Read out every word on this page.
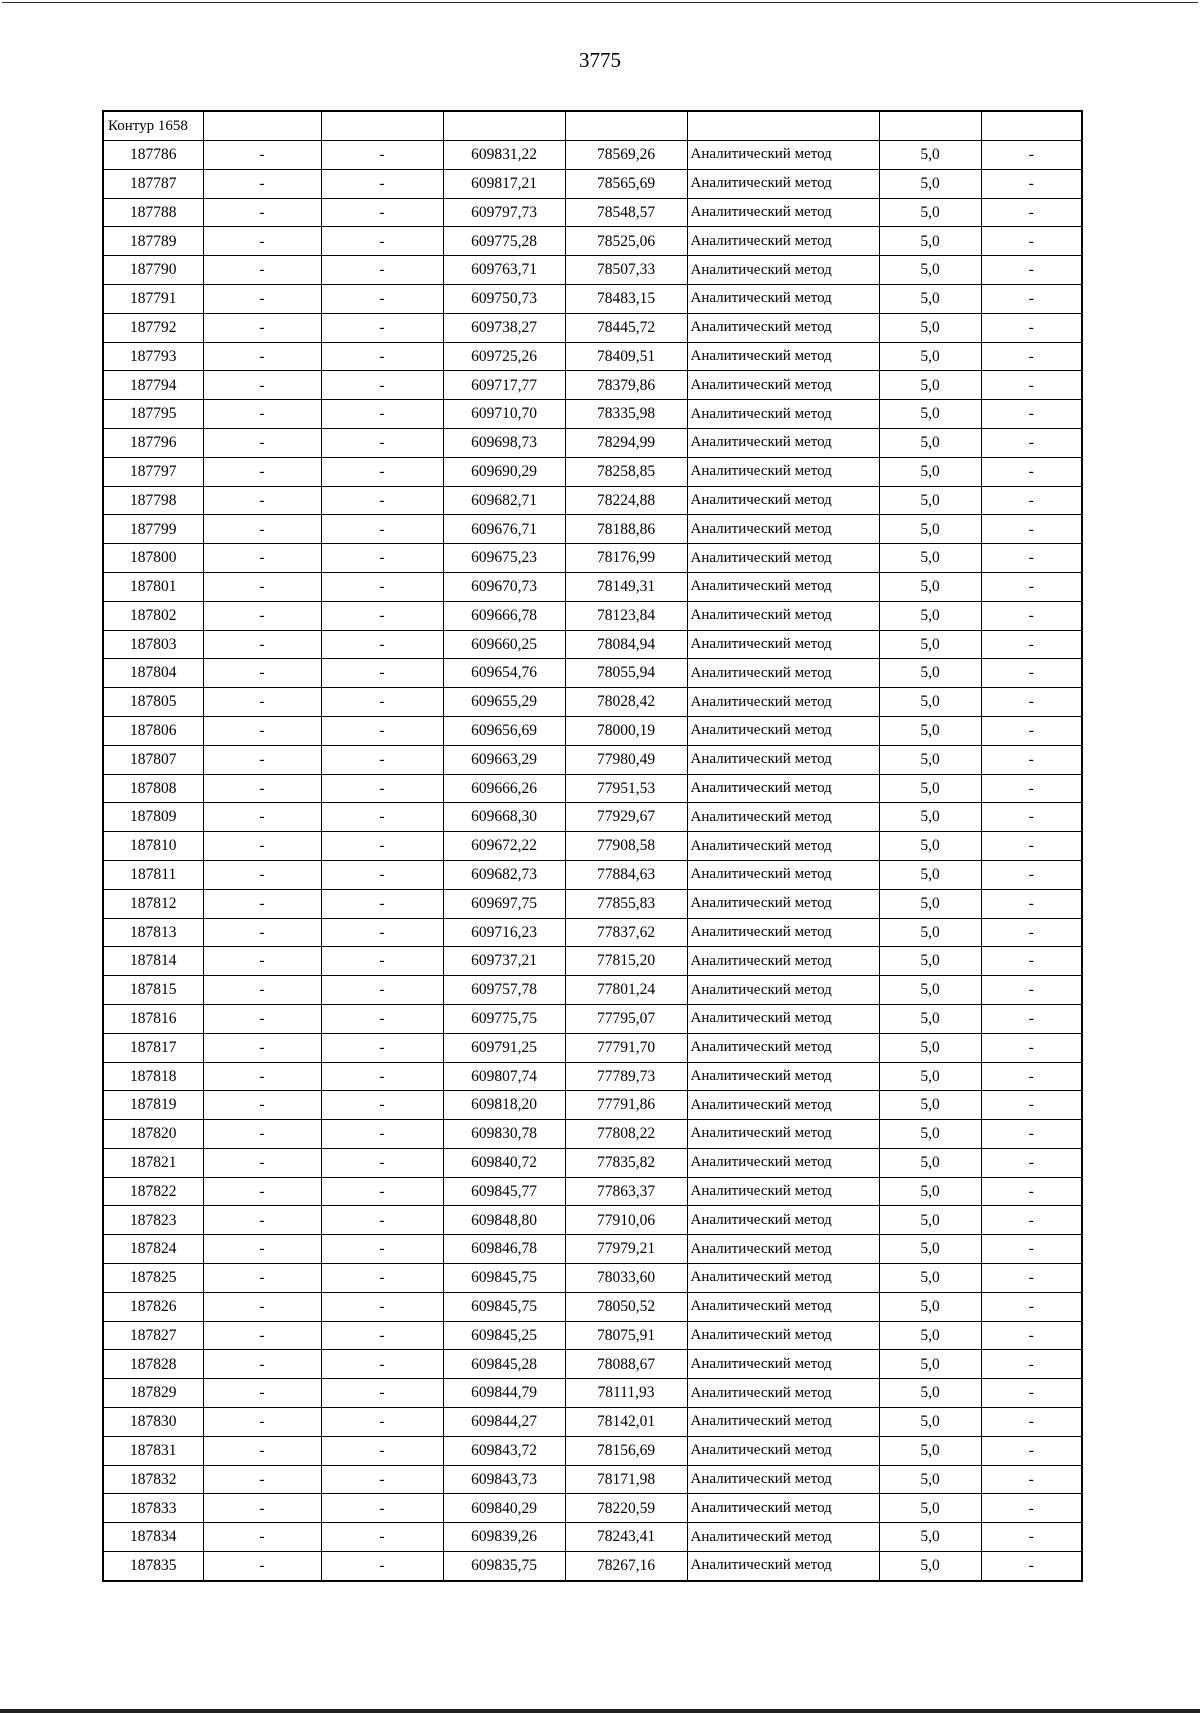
3775
Контур 1658							
187786	-	-	609831,22	78569,26	Аналитический метод	5,0	-
187787	-	-	609817,21	78565,69	Аналитический метод	5,0	-
187788	-	-	609797,73	78548,57	Аналитический метод	5,0	-
187789	-	-	609775,28	78525,06	Аналитический метод	5,0	-
187790	-	-	609763,71	78507,33	Аналитический метод	5,0	-
187791	-	-	609750,73	78483,15	Аналитический метод	5,0	-
187792	-	-	609738,27	78445,72	Аналитический метод	5,0	-
187793	-	-	609725,26	78409,51	Аналитический метод	5,0	-
187794	-	-	609717,77	78379,86	Аналитический метод	5,0	-
187795	-	-	609710,70	78335,98	Аналитический метод	5,0	-
187796	-	-	609698,73	78294,99	Аналитический метод	5,0	-
187797	-	-	609690,29	78258,85	Аналитический метод	5,0	-
187798	-	-	609682,71	78224,88	Аналитический метод	5,0	-
187799	-	-	609676,71	78188,86	Аналитический метод	5,0	-
187800	-	-	609675,23	78176,99	Аналитический метод	5,0	-
187801	-	-	609670,73	78149,31	Аналитический метод	5,0	-
187802	-	-	609666,78	78123,84	Аналитический метод	5,0	-
187803	-	-	609660,25	78084,94	Аналитический метод	5,0	-
187804	-	-	609654,76	78055,94	Аналитический метод	5,0	-
187805	-	-	609655,29	78028,42	Аналитический метод	5,0	-
187806	-	-	609656,69	78000,19	Аналитический метод	5,0	-
187807	-	-	609663,29	77980,49	Аналитический метод	5,0	-
187808	-	-	609666,26	77951,53	Аналитический метод	5,0	-
187809	-	-	609668,30	77929,67	Аналитический метод	5,0	-
187810	-	-	609672,22	77908,58	Аналитический метод	5,0	-
187811	-	-	609682,73	77884,63	Аналитический метод	5,0	-
187812	-	-	609697,75	77855,83	Аналитический метод	5,0	-
187813	-	-	609716,23	77837,62	Аналитический метод	5,0	-
187814	-	-	609737,21	77815,20	Аналитический метод	5,0	-
187815	-	-	609757,78	77801,24	Аналитический метод	5,0	-
187816	-	-	609775,75	77795,07	Аналитический метод	5,0	-
187817	-	-	609791,25	77791,70	Аналитический метод	5,0	-
187818	-	-	609807,74	77789,73	Аналитический метод	5,0	-
187819	-	-	609818,20	77791,86	Аналитический метод	5,0	-
187820	-	-	609830,78	77808,22	Аналитический метод	5,0	-
187821	-	-	609840,72	77835,82	Аналитический метод	5,0	-
187822	-	-	609845,77	77863,37	Аналитический метод	5,0	-
187823	-	-	609848,80	77910,06	Аналитический метод	5,0	-
187824	-	-	609846,78	77979,21	Аналитический метод	5,0	-
187825	-	-	609845,75	78033,60	Аналитический метод	5,0	-
187826	-	-	609845,75	78050,52	Аналитический метод	5,0	-
187827	-	-	609845,25	78075,91	Аналитический метод	5,0	-
187828	-	-	609845,28	78088,67	Аналитический метод	5,0	-
187829	-	-	609844,79	78111,93	Аналитический метод	5,0	-
187830	-	-	609844,27	78142,01	Аналитический метод	5,0	-
187831	-	-	609843,72	78156,69	Аналитический метод	5,0	-
187832	-	-	609843,73	78171,98	Аналитический метод	5,0	-
187833	-	-	609840,29	78220,59	Аналитический метод	5,0	-
187834	-	-	609839,26	78243,41	Аналитический метод	5,0	-
187835	-	-	609835,75	78267,16	Аналитический метод	5,0	-
